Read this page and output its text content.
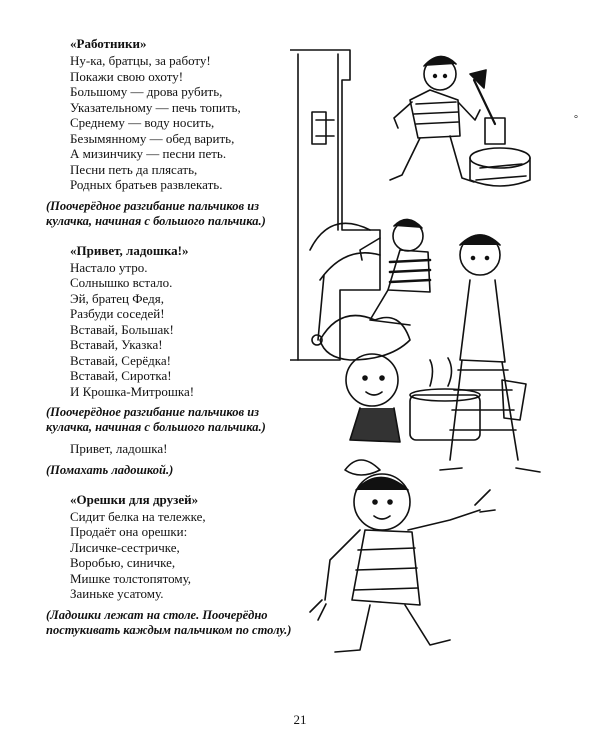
«Работники»
Ну-ка, братцы, за работу!
Покажи свою охоту!
Большому — дрова рубить,
Указательному — печь топить,
Среднему — воду носить,
Безымянному — обед варить,
А мизинчику — песни петь.
Песни петь да плясать,
Родных братьев развлекать.
(Поочерёдное разгибание пальчиков из кулачка, начиная с большого пальчика.)
«Привет, ладошка!»
Настало утро.
Солнышко встало.
Эй, братец Федя,
Разбуди соседей!
Вставай, Большак!
Вставай, Указка!
Вставай, Серёдка!
Вставай, Сиротка!
И Крошка-Митрошка!
(Поочерёдное разгибание пальчиков из кулачка, начиная с большого пальчика.)
Привет, ладошка!
(Помахать ладошкой.)
«Орешки для друзей»
Сидит белка на тележке,
Продаёт она орешки:
Лисичке-сестричке,
Воробью, синичке,
Мишке толстопятому,
Заиньке усатому.
(Ладошки лежат на столе. Поочерёдно постукивать каждым пальчиком по столу.)
°
21
